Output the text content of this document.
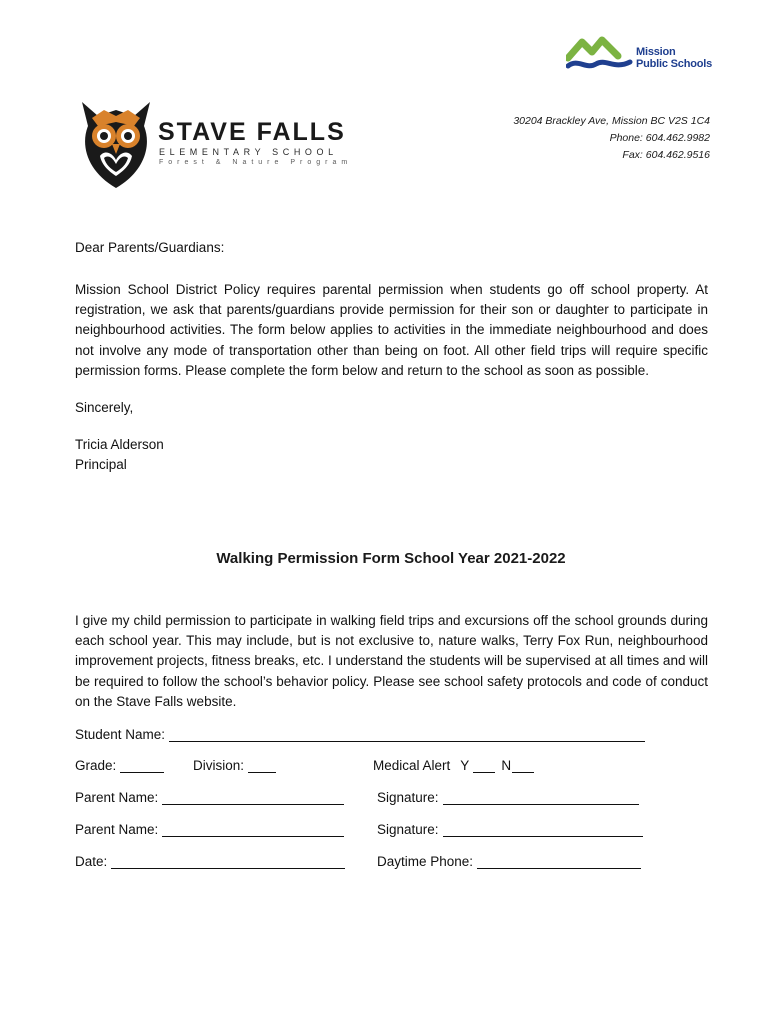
Mission
Public Schools
STAVE FALLS
ELEMENTARY SCHOOL
Forest & Nature Program
30204 Brackley Ave, Mission BC V2S 1C4
Phone: 604.462.9982
Fax: 604.462.9516
Dear Parents/Guardians:
Mission School District Policy requires parental permission when students go off school property. At registration, we ask that parents/guardians provide permission for their son or daughter to participate in neighbourhood activities. The form below applies to activities in the immediate neighbourhood and does not involve any mode of transportation other than being on foot. All other field trips will require specific permission forms. Please complete the form below and return to the school as soon as possible.
Sincerely,
Tricia Alderson
Principal
Walking Permission Form School Year 2021-2022
I give my child permission to participate in walking field trips and excursions off the school grounds during each school year. This may include, but is not exclusive to, nature walks, Terry Fox Run, neighbourhood improvement projects, fitness breaks, etc. I understand the students will be supervised at all times and will be required to follow the school’s behavior policy. Please see school safety protocols and code of conduct on the Stave Falls website.
Student Name:
Grade:	Division:	Medical Alert Y N
Parent Name:	Signature:
Parent Name:	Signature:
Date:	Daytime Phone:
